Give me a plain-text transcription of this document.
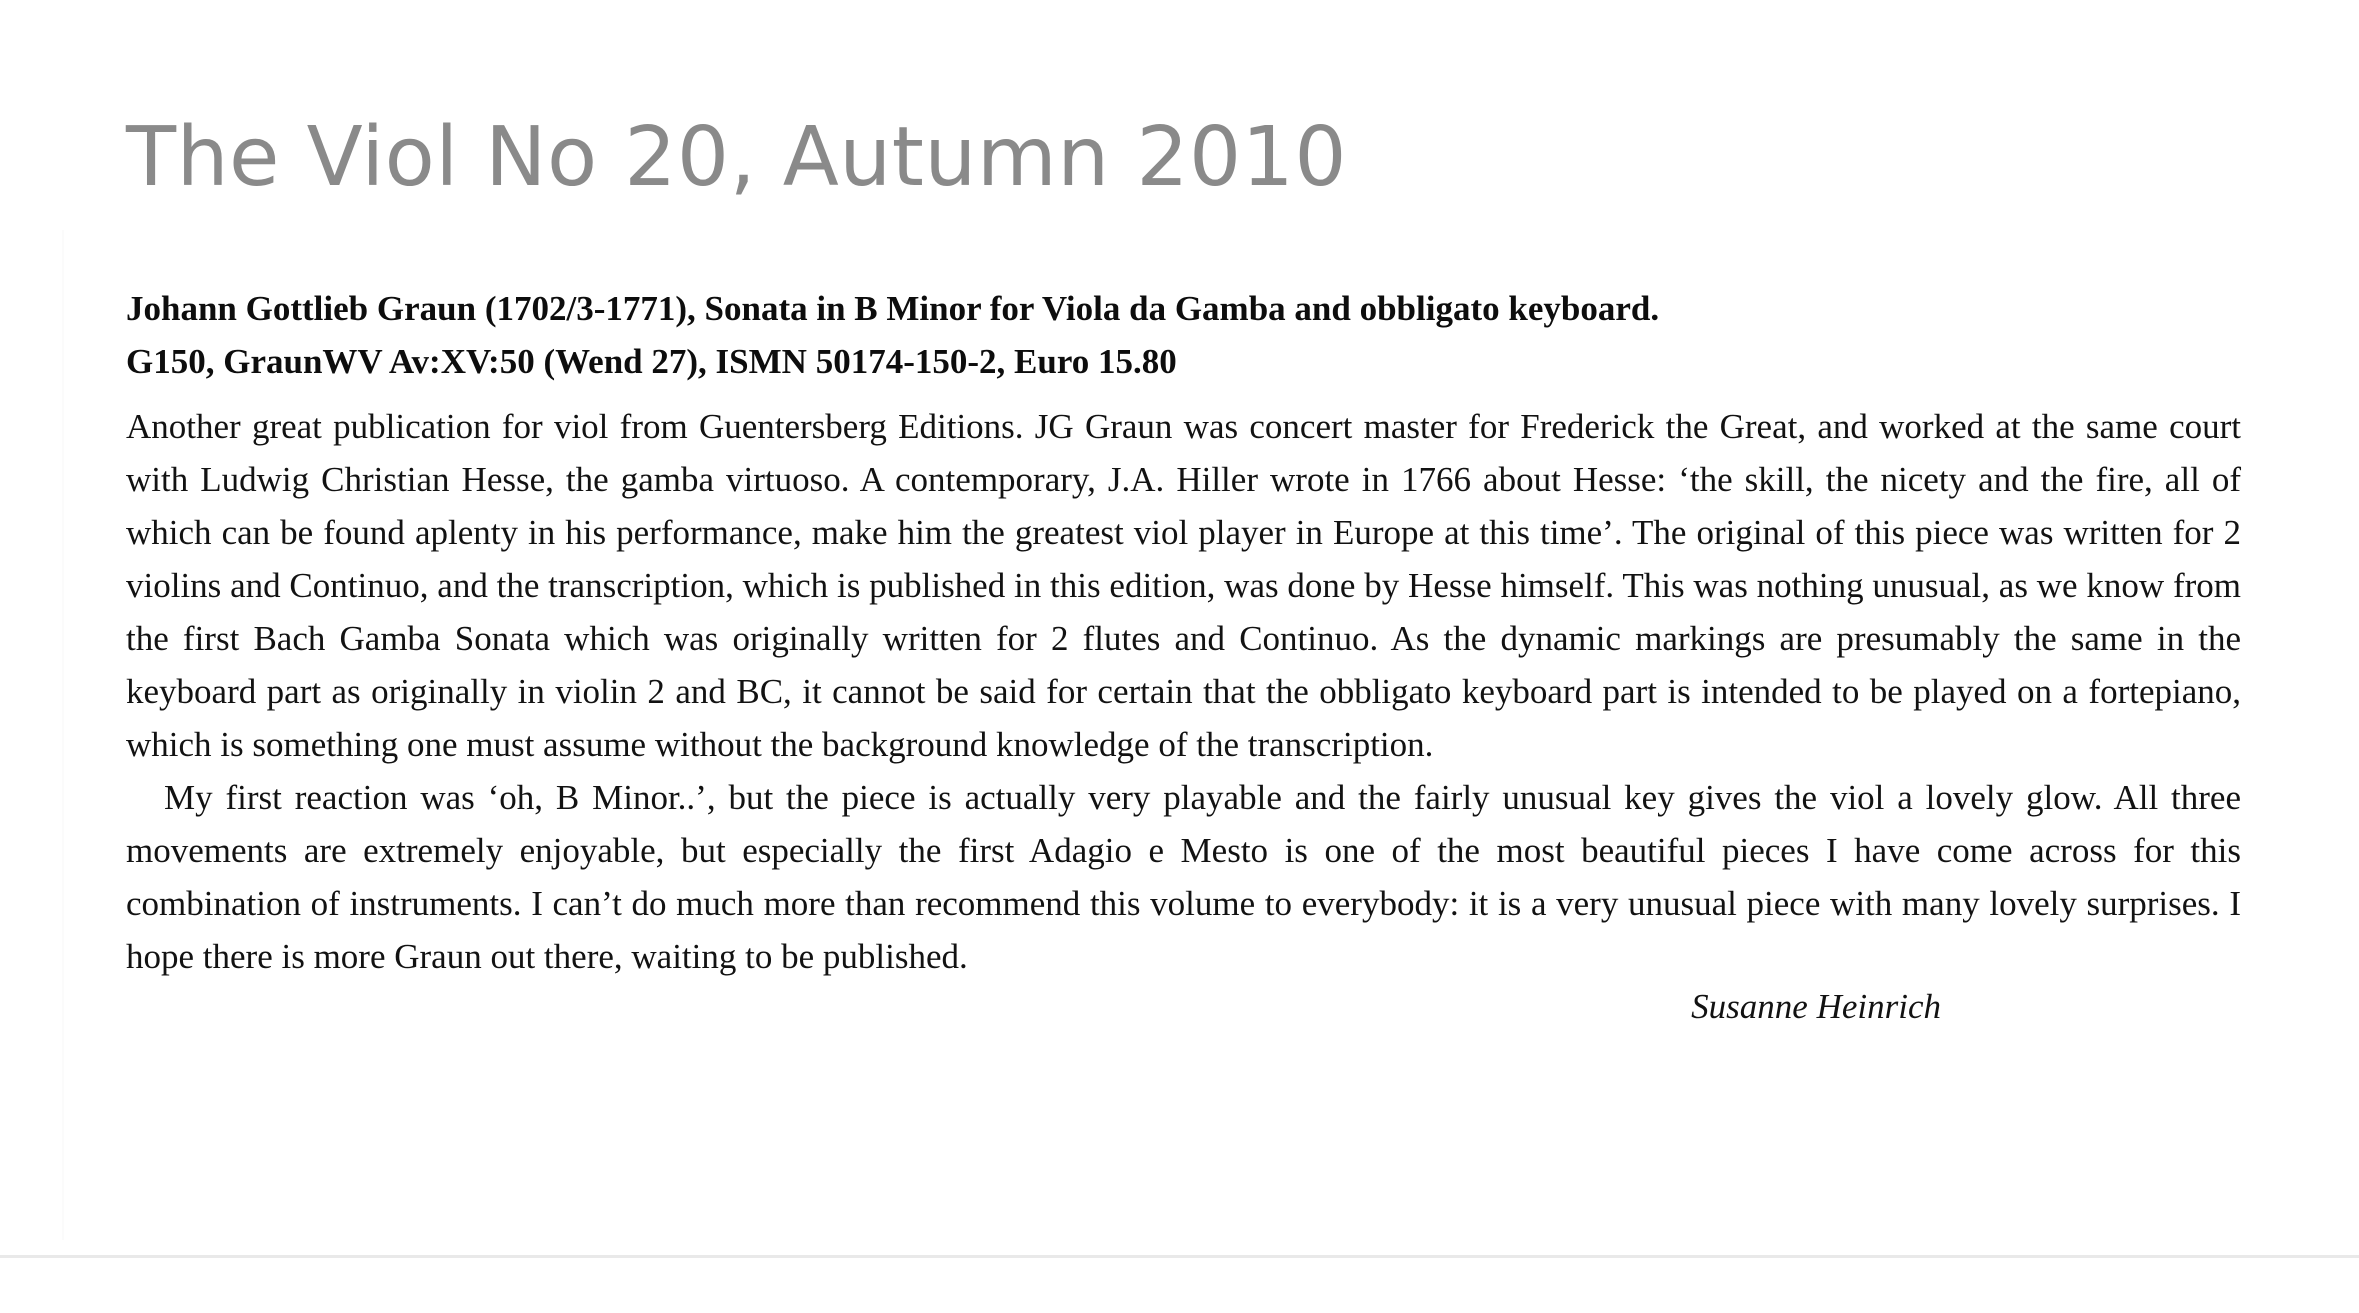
The Viol No 20, Autumn 2010
Johann Gottlieb Graun (1702/3-1771), Sonata in B Minor for Viola da Gamba and obbligato keyboard.
G150, GraunWV Av:XV:50 (Wend 27), ISMN 50174-150-2, Euro 15.80

Another great publication for viol from Guentersberg Editions. JG Graun was concert master for Frederick the Great, and worked at the same court with Ludwig Christian Hesse, the gamba virtuoso. A contemporary, J.A. Hiller wrote in 1766 about Hesse: ‘the skill, the nicety and the fire, all of which can be found aplenty in his performance, make him the greatest viol player in Europe at this time’. The original of this piece was written for 2 violins and Continuo, and the transcription, which is published in this edition, was done by Hesse himself. This was nothing unusual, as we know from the first Bach Gamba Sonata which was originally written for 2 flutes and Continuo. As the dynamic markings are presumably the same in the keyboard part as originally in violin 2 and BC, it cannot be said for certain that the obbligato keyboard part is intended to be played on a fortepiano, which is something one must assume without the background knowledge of the transcription.

My first reaction was ‘oh, B Minor..’, but the piece is actually very playable and the fairly unusual key gives the viol a lovely glow. All three movements are extremely enjoyable, but especially the first Adagio e Mesto is one of the most beautiful pieces I have come across for this combination of instruments. I can’t do much more than recommend this volume to everybody: it is a very unusual piece with many lovely surprises. I hope there is more Graun out there, waiting to be published.

Susanne Heinrich
